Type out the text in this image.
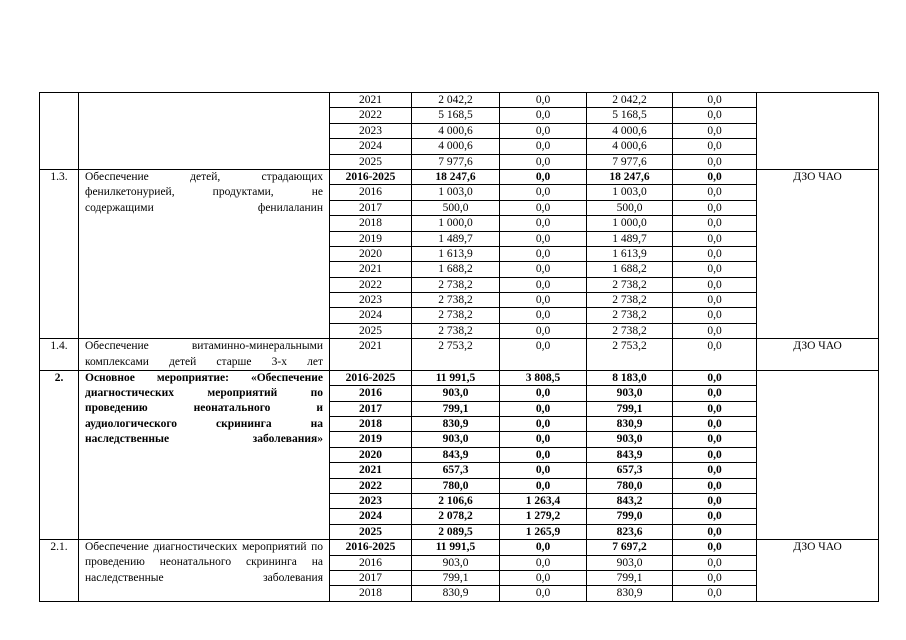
		2021	2 042,2	0,0	2 042,2	0,0	
		2022	5 168,5	0,0	5 168,5	0,0	
		2023	4 000,6	0,0	4 000,6	0,0	
		2024	4 000,6	0,0	4 000,6	0,0	
		2025	7 977,6	0,0	7 977,6	0,0	
1.3.	Обеспечение детей, страдающих фенилкетонурией, продуктами, не содержащими фенилаланин	2016-2025	18 247,6	0,0	18 247,6	0,0	ДЗО ЧАО
		2016	1 003,0	0,0	1 003,0	0,0	
		2017	500,0	0,0	500,0	0,0	
		2018	1 000,0	0,0	1 000,0	0,0	
		2019	1 489,7	0,0	1 489,7	0,0	
		2020	1 613,9	0,0	1 613,9	0,0	
		2021	1 688,2	0,0	1 688,2	0,0	
		2022	2 738,2	0,0	2 738,2	0,0	
		2023	2 738,2	0,0	2 738,2	0,0	
		2024	2 738,2	0,0	2 738,2	0,0	
		2025	2 738,2	0,0	2 738,2	0,0	
1.4.	Обеспечение витаминно-минеральными комплексами детей старше 3-х лет	2021	2 753,2	0,0	2 753,2	0,0	ДЗО ЧАО
2.	Основное мероприятие: «Обеспечение диагностических мероприятий по проведению неонатального и аудиологического скрининга на наследственные заболевания»	2016-2025	11 991,5	3 808,5	8 183,0	0,0	
		2016	903,0	0,0	903,0	0,0	
		2017	799,1	0,0	799,1	0,0	
		2018	830,9	0,0	830,9	0,0	
		2019	903,0	0,0	903,0	0,0	
		2020	843,9	0,0	843,9	0,0	
		2021	657,3	0,0	657,3	0,0	
		2022	780,0	0,0	780,0	0,0	
		2023	2 106,6	1 263,4	843,2	0,0	
		2024	2 078,2	1 279,2	799,0	0,0	
		2025	2 089,5	1 265,9	823,6	0,0	
2.1.	Обеспечение диагностических мероприятий по проведению неонатального скрининга на наследственные заболевания	2016-2025	11 991,5	0,0	7 697,2	0,0	ДЗО ЧАО
		2016	903,0	0,0	903,0	0,0	
		2017	799,1	0,0	799,1	0,0	
		2018	830,9	0,0	830,9	0,0	
